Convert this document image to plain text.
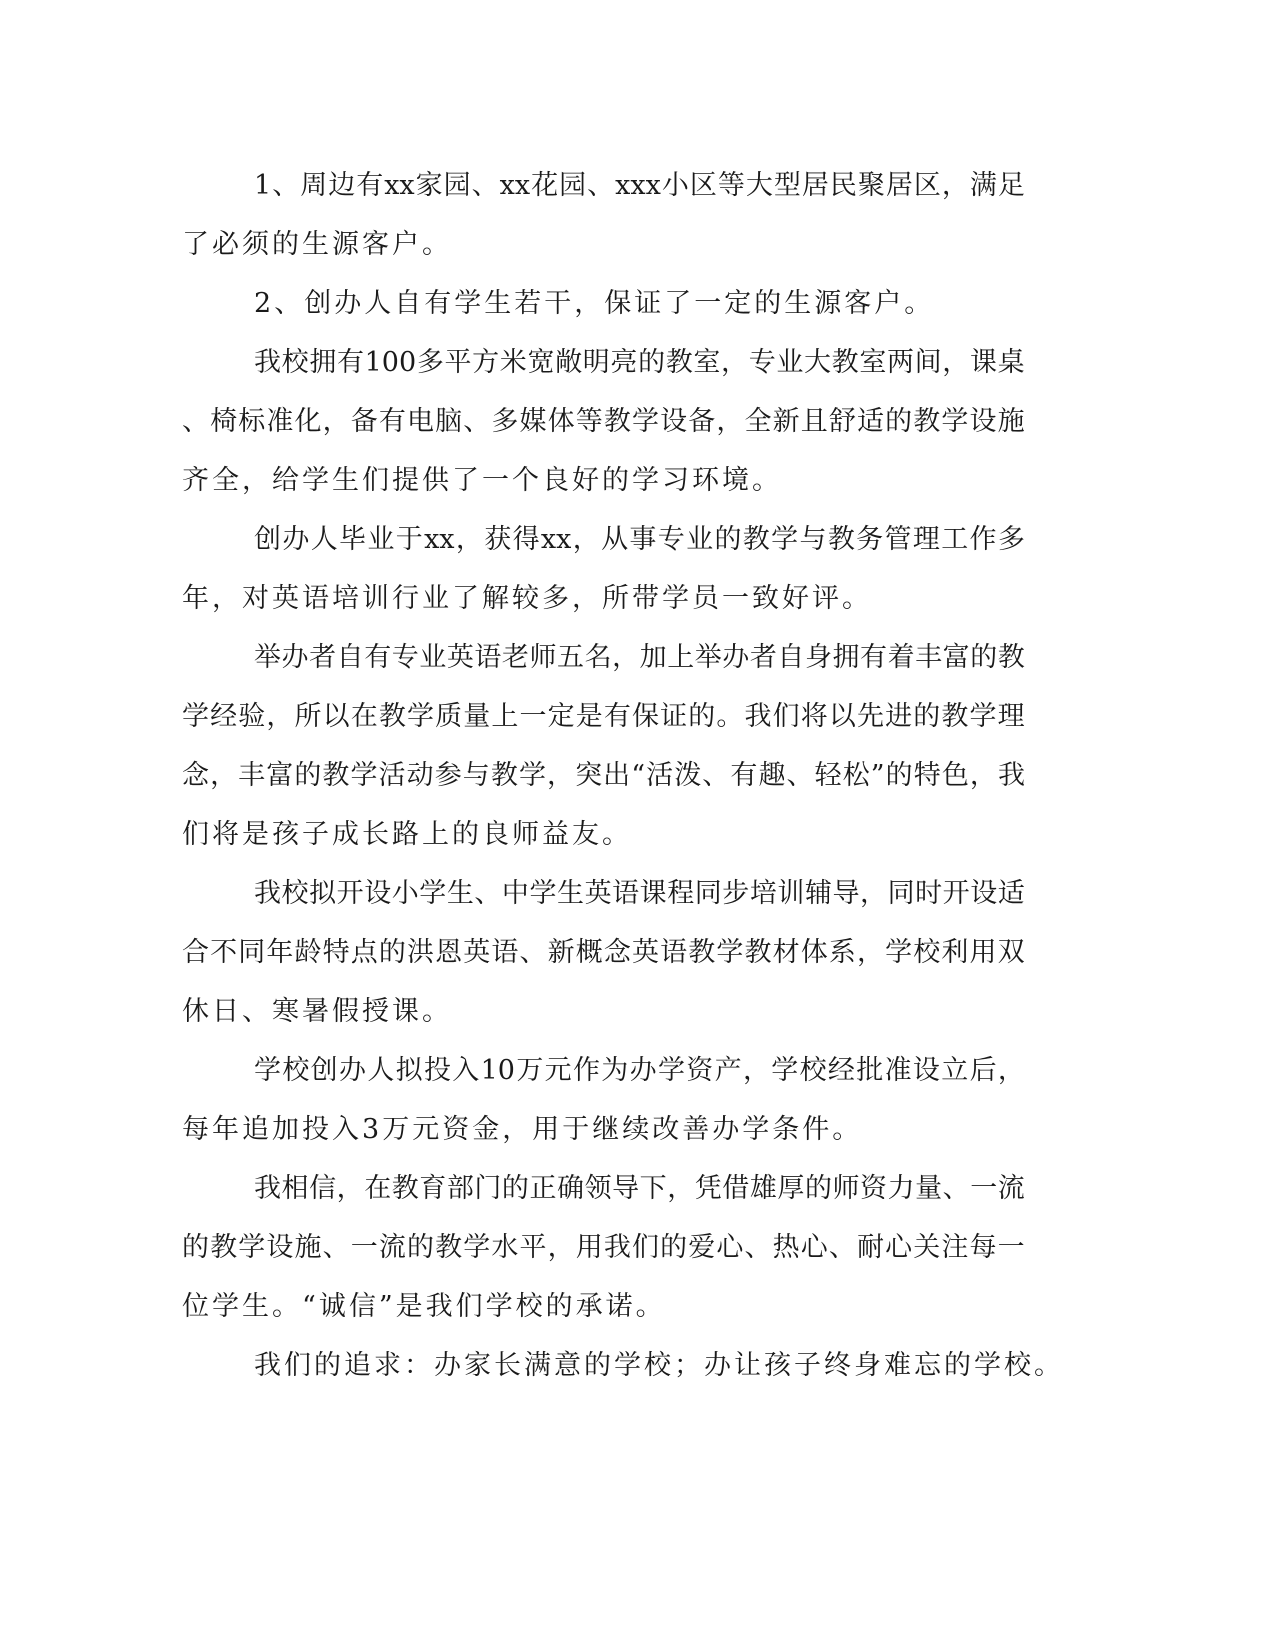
1 、 周 边 有 xx 家 园 、 xx 花 园 、 xxx 小 区 等 大 型 居 民 聚 居 区 ， 满 足
了 必 须 的 生 源 客 户 。
2 、 创 办 人 自 有 学 生 若 干 ， 保 证 了 一 定 的 生 源 客 户 。
我 校 拥 有 100 多 平 方 米 宽 敞 明 亮 的 教 室 ， 专 业 大 教 室 两 间 ， 课 桌
、 椅 标 准 化 ， 备 有 电 脑 、 多 媒 体 等 教 学 设 备 ， 全 新 且 舒 适 的 教 学 设 施
齐 全 ， 给 学 生 们 提 供 了 一 个 良 好 的 学 习 环 境 。
创 办 人 毕 业 于 xx ， 获 得 xx ， 从 事 专 业 的 教 学 与 教 务 管 理 工 作 多
年 ， 对 英 语 培 训 行 业 了 解 较 多 ， 所 带 学 员 一 致 好 评 。
举 办 者 自 有 专 业 英 语 老 师 五 名 ， 加 上 举 办 者 自 身 拥 有 着 丰 富 的 教
学 经 验 ， 所 以 在 教 学 质 量 上 一 定 是 有 保 证 的 。 我 们 将 以 先 进 的 教 学 理
念 ， 丰 富 的 教 学 活 动 参 与 教 学 ， 突 出 “ 活 泼 、 有 趣 、 轻 松 ” 的 特 色 ， 我
们 将 是 孩 子 成 长 路 上 的 良 师 益 友 。
我 校 拟 开 设 小 学 生 、 中 学 生 英 语 课 程 同 步 培 训 辅 导 ， 同 时 开 设 适
合 不 同 年 龄 特 点 的 洪 恩 英 语 、 新 概 念 英 语 教 学 教 材 体 系 ， 学 校 利 用 双
休 日 、 寒 暑 假 授 课 。
学 校 创 办 人 拟 投 入 10 万 元 作 为 办 学 资 产 ， 学 校 经 批 准 设 立 后 ，
每 年 追 加 投 入 3 万 元 资 金 ， 用 于 继 续 改 善 办 学 条 件 。
我 相 信 ， 在 教 育 部 门 的 正 确 领 导 下 ， 凭 借 雄 厚 的 师 资 力 量 、 一 流
的 教 学 设 施 、 一 流 的 教 学 水 平 ， 用 我 们 的 爱 心 、 热 心 、 耐 心 关 注 每 一
位 学 生 。 “ 诚 信 ” 是 我 们 学 校 的 承 诺 。
我 们 的 追 求 ： 办 家 长 满 意 的 学 校 ； 办 让 孩 子 终 身 难 忘 的 学 校 。
